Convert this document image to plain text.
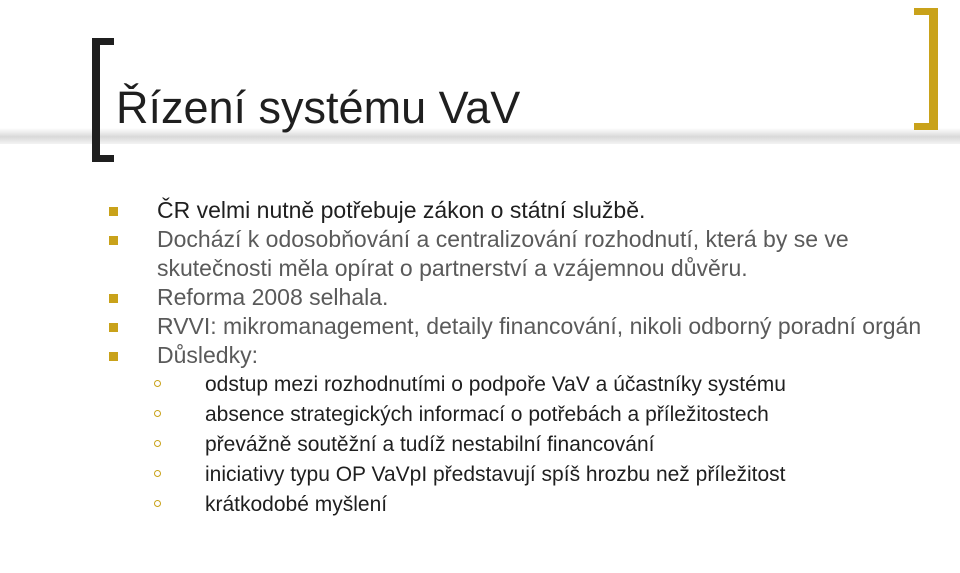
Řízení systému VaV
ČR velmi nutně potřebuje zákon o státní službě.
Dochází k odosobňování a centralizování rozhodnutí, která by se ve skutečnosti měla opírat o partnerství a vzájemnou důvěru.
Reforma 2008 selhala.
RVVI: mikromanagement, detaily financování, nikoli odborný poradní orgán
Důsledky:
odstup mezi rozhodnutími o podpoře VaV a účastníky systému
absence strategických informací o potřebách a příležitostech
převážně soutěžní a tudíž nestabilní financování
iniciativy typu OP VaVpI představují spíš hrozbu než příležitost
krátkodobé myšlení
